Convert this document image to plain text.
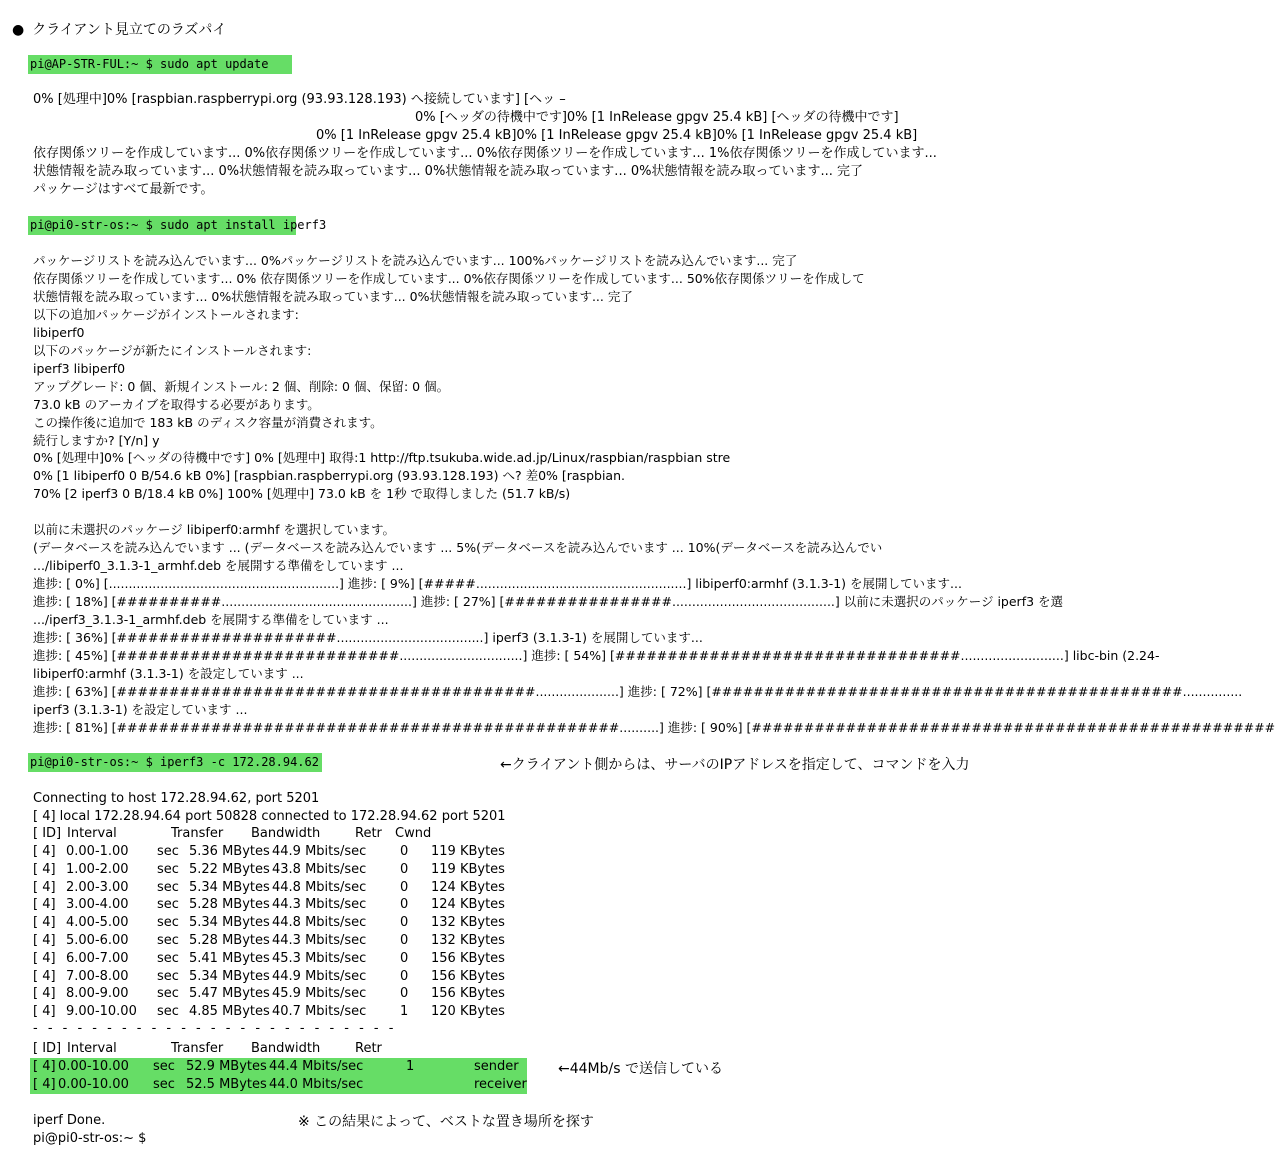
● クライアント見立てのラズパイ
pi@AP-STR-FUL:~ $ sudo apt update
0% [処理中]0% [raspbian.raspberrypi.org (93.93.128.193) へ接続しています] [ヘッ –
0% [ヘッダの待機中です]0% [1 InRelease gpgv 25.4 kB] [ヘッダの待機中です]
0% [1 InRelease gpgv 25.4 kB]0% [1 InRelease gpgv 25.4 kB]0% [1 InRelease gpgv 25.4 kB]
依存関係ツリーを作成しています... 0%依存関係ツリーを作成しています... 0%依存関係ツリーを作成しています... 1%依存関係ツリーを作成しています...
状態情報を読み取っています... 0%状態情報を読み取っています... 0%状態情報を読み取っています... 0%状態情報を読み取っています... 完了
パッケージはすべて最新です。
pi@pi0-str-os:~ $ sudo apt install iperf3
パッケージリストを読み込んでいます... 0%パッケージリストを読み込んでいます... 100%パッケージリストを読み込んでいます... 完了
依存関係ツリーを作成しています... 0% 依存関係ツリーを作成しています... 0%依存関係ツリーを作成しています... 50%依存関係ツリーを作成して
状態情報を読み取っています... 0%状態情報を読み取っています... 0%状態情報を読み取っています... 完了
以下の追加パッケージがインストールされます:
libiperf0
以下のパッケージが新たにインストールされます:
iperf3 libiperf0
アップグレード: 0 個、新規インストール: 2 個、削除: 0 個、保留: 0 個。
73.0 kB のアーカイブを取得する必要があります。
この操作後に追加で 183 kB のディスク容量が消費されます。
続行しますか? [Y/n] y
0% [処理中]0% [ヘッダの待機中です] 0% [処理中] 取得:1 http://ftp.tsukuba.wide.ad.jp/Linux/raspbian/raspbian stre
0% [1 libiperf0 0 B/54.6 kB 0%] [raspbian.raspberrypi.org (93.93.128.193) へ? 差0% [raspbian.
70% [2 iperf3 0 B/18.4 kB 0%] 100% [処理中] 73.0 kB を 1秒 で取得しました (51.7 kB/s)
以前に未選択のパッケージ libiperf0:armhf を選択しています。
(データベースを読み込んでいます ... (データベースを読み込んでいます ... 5%(データベースを読み込んでいます ... 10%(データベースを読み込んでい
.../libiperf0_3.1.3-1_armhf.deb を展開する準備をしています ...
進捗: [ 0%] [..........................................................] 進捗: [ 9%] [#####.....................................................] libiperf0:armhf (3.1.3-1) を展開しています...
進捗: [ 18%] [##########................................................] 進捗: [ 27%] [################.........................................] 以前に未選択のパッケージ iperf3 を選
.../iperf3_3.1.3-1_armhf.deb を展開する準備をしています ...
進捗: [ 36%] [#####################.....................................] iperf3 (3.1.3-1) を展開しています...
進捗: [ 45%] [###########################...............................] 進捗: [ 54%] [#################################..........................] libc-bin (2.24-
libiperf0:armhf (3.1.3-1) を設定しています ...
進捗: [ 63%] [########################################.....................] 進捗: [ 72%] [#############################################...............
iperf3 (3.1.3-1) を設定しています ...
進捗: [ 81%] [################################################..........] 進捗: [ 90%] [##################################################
pi@pi0-str-os:~ $ iperf3 -c 172.28.94.62	←クライアント側からは、サーバのIPアドレスを指定して、コマンドを入力
Connecting to host 172.28.94.62, port 5201
[ 4] local 172.28.94.64 port 50828 connected to 172.28.94.62 port 5201
[ ID] Interval	Transfer Bandwidth	Retr Cwnd
[ 4] 0.00-1.00 sec 5.36 MBytes 44.9 Mbits/sec	0 119 KBytes
[ 4] 1.00-2.00 sec 5.22 MBytes 43.8 Mbits/sec	0 119 KBytes
[ 4] 2.00-3.00 sec 5.34 MBytes 44.8 Mbits/sec	0 124 KBytes
[ 4] 3.00-4.00 sec 5.28 MBytes 44.3 Mbits/sec	0 124 KBytes
[ 4] 4.00-5.00 sec 5.34 MBytes 44.8 Mbits/sec	0 132 KBytes
[ 4] 5.00-6.00 sec 5.28 MBytes 44.3 Mbits/sec	0 132 KBytes
[ 4] 6.00-7.00 sec 5.41 MBytes 45.3 Mbits/sec	0 156 KBytes
[ 4] 7.00-8.00 sec 5.34 MBytes 44.9 Mbits/sec	0 156 KBytes
[ 4] 8.00-9.00 sec 5.47 MBytes 45.9 Mbits/sec	0 156 KBytes
[ 4] 9.00-10.00 sec 4.85 MBytes 40.7 Mbits/sec	1 120 KBytes
- - - - - - - - - - - - - - - - - - - - - - - - -
[ ID] Interval	Transfer Bandwidth	Retr
[ 4] 0.00-10.00 sec 52.9 MBytes 44.4 Mbits/sec	1	sender
[ 4] 0.00-10.00 sec 52.5 MBytes 44.0 Mbits/sec	receiver
←44Mb/s で送信している
iperf Done.	※ この結果によって、ベストな置き場所を探す
pi@pi0-str-os:~ $
